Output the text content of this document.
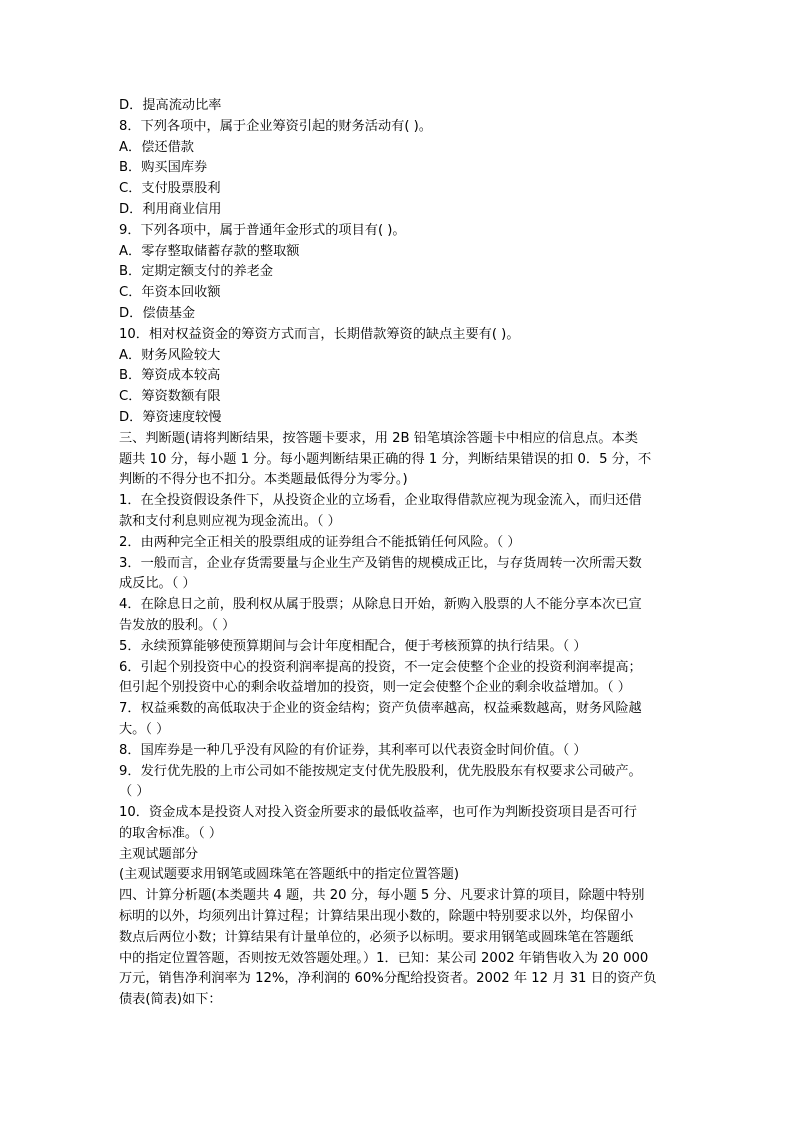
D．提高流动比率
8．下列各项中，属于企业筹资引起的财务活动有( )。
A．偿还借款
B．购买国库券
C．支付股票股利
D．利用商业信用
9．下列各项中，属于普通年金形式的项目有( )。
A．零存整取储蓄存款的整取额
B．定期定额支付的养老金
C．年资本回收额
D．偿债基金
10．相对权益资金的筹资方式而言，长期借款筹资的缺点主要有( )。
A．财务风险较大
B．筹资成本较高
C．筹资数额有限
D．筹资速度较慢
三、判断题(请将判断结果，按答题卡要求，用 2B 铅笔填涂答题卡中相应的信息点。本类
题共 10 分，每小题 1 分。每小题判断结果正确的得 1 分，判断结果错误的扣 0．5 分，不
判断的不得分也不扣分。本类题最低得分为零分。)
1．在全投资假设条件下，从投资企业的立场看，企业取得借款应视为现金流入，而归还借
款和支付利息则应视为现金流出。（ ）
2．由两种完全正相关的股票组成的证券组合不能抵销任何风险。（ ）
3．一般而言，企业存货需要量与企业生产及销售的规模成正比，与存货周转一次所需天数
成反比。（ ）
4．在除息日之前，股利权从属于股票；从除息日开始，新购入股票的人不能分享本次已宣
告发放的股利。（ ）
5．永续预算能够使预算期间与会计年度相配合，便于考核预算的执行结果。（ ）
6．引起个别投资中心的投资利润率提高的投资，不一定会使整个企业的投资利润率提高；
但引起个别投资中心的剩余收益增加的投资，则一定会使整个企业的剩余收益增加。（ ）
7．权益乘数的高低取决于企业的资金结构；资产负债率越高，权益乘数越高，财务风险越
大。（ ）
8．国库券是一种几乎没有风险的有价证券，其利率可以代表资金时间价值。（ ）
9．发行优先股的上市公司如不能按规定支付优先股股利，优先股股东有权要求公司破产。
（ ）
10．资金成本是投资人对投入资金所要求的最低收益率，也可作为判断投资项目是否可行
的取舍标准。（ ）
主观试题部分
(主观试题要求用钢笔或圆珠笔在答题纸中的指定位置答题)
四、计算分析题(本类题共 4 题，共 20 分，每小题 5 分、凡要求计算的项目，除题中特别
标明的以外，均须列出计算过程；计算结果出现小数的，除题中特别要求以外，均保留小
数点后两位小数；计算结果有计量单位的，必须予以标明。要求用钢笔或圆珠笔在答题纸
中的指定位置答题，否则按无效答题处理。）1．已知：某公司 2002 年销售收入为 20 000
万元，销售净利润率为 12%，净利润的 60%分配给投资者。2002 年 12 月 31 日的资产负
债表(简表)如下：
